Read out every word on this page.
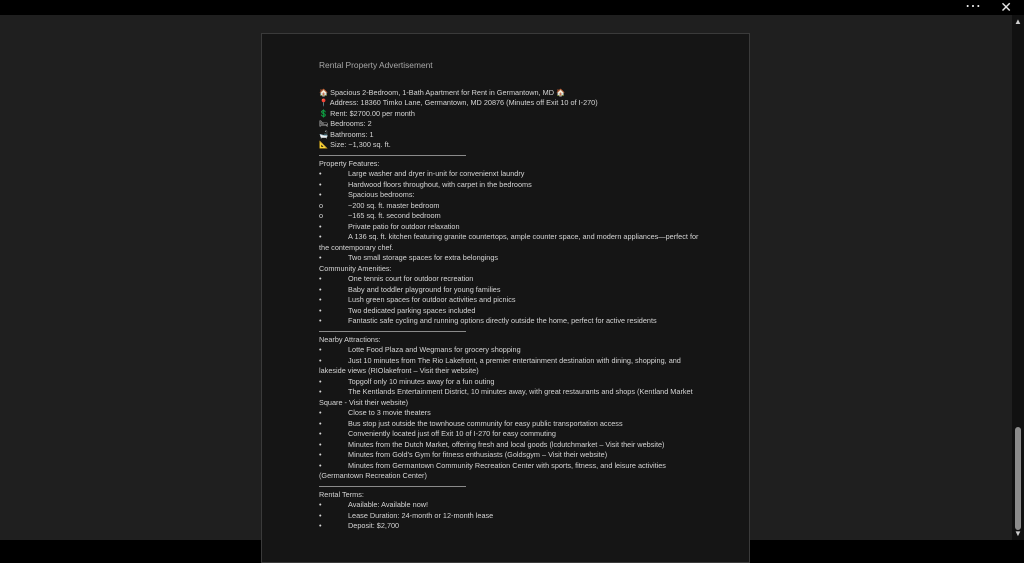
⋯ ✕
Rental Property Advertisement
🏠 Spacious 2-Bedroom, 1-Bath Apartment for Rent in Germantown, MD 🏠
📍 Address: 18360 Timko Lane, Germantown, MD 20876 (Minutes off Exit 10 of I-270)
💲 Rent: $2700.00 per month
🛏 Bedrooms: 2
🛁 Bathrooms: 1
📐 Size: ~1,300 sq. ft.
Property Features:
•	Large washer and dryer in-unit for convenienxt laundry
•	Hardwood floors throughout, with carpet in the bedrooms
•	Spacious bedrooms:
o	~200 sq. ft. master bedroom
o	~165 sq. ft. second bedroom
•	Private patio for outdoor relaxation
•	A 136 sq. ft. kitchen featuring granite countertops, ample counter space, and modern appliances—perfect for the contemporary chef.
•	Two small storage spaces for extra belongings
Community Amenities:
•	One tennis court for outdoor recreation
•	Baby and toddler playground for young families
•	Lush green spaces for outdoor activities and picnics
•	Two dedicated parking spaces included
•	Fantastic safe cycling and running options directly outside the home, perfect for active residents
Nearby Attractions:
•	Lotte Food Plaza and Wegmans for grocery shopping
•	Just 10 minutes from The Rio Lakefront, a premier entertainment destination with dining, shopping, and lakeside views (RIOlakefront – Visit their website)
•	Topgolf only 10 minutes away for a fun outing
•	The Kentlands Entertainment District, 10 minutes away, with great restaurants and shops (Kentland Market Square - Visit their website)
•	Close to 3 movie theaters
•	Bus stop just outside the townhouse community for easy public transportation access
•	Conveniently located just off Exit 10 of I-270 for easy commuting
•	Minutes from the Dutch Market, offering fresh and local goods (lcdutchmarket – Visit their website)
•	Minutes from Gold's Gym for fitness enthusiasts (Goldsgym – Visit their website)
•	Minutes from Germantown Community Recreation Center with sports, fitness, and leisure activities (Germantown Recreation Center)
Rental Terms:
•	Available: Available now!
•	Lease Duration: 24-month or 12-month lease
•	Deposit: $2,700
▲
▼
